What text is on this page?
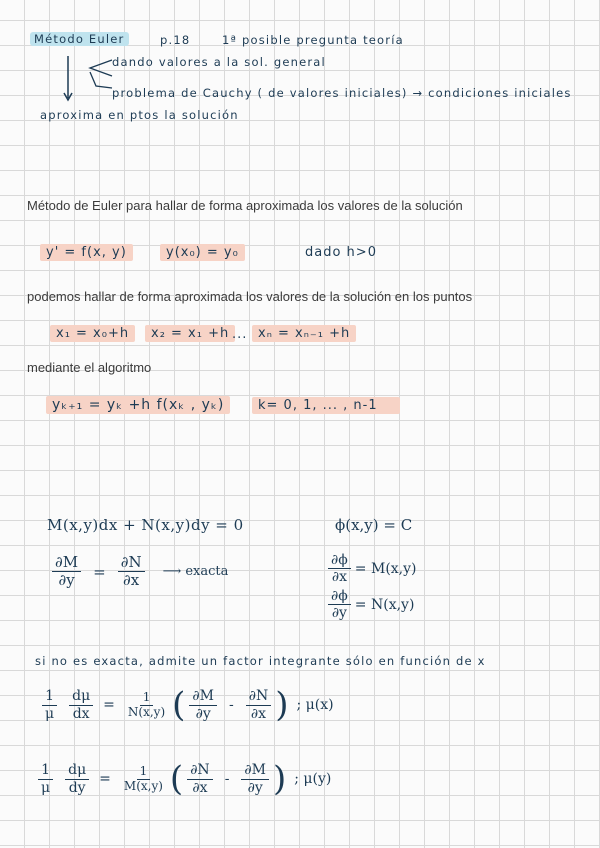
Método Euler	p.18	1ª posible pregunta teoría
dando valores a la sol. general
problema de Cauchy ( de valores iniciales) → condiciones iniciales
aproxima en ptos la solución
Método de Euler para hallar de forma aproximada los valores de la solución
y' = f(x, y)	y(x₀) = y₀	dado h>0
podemos hallar de forma aproximada los valores de la solución en los puntos
x₁ = x₀+h	x₂ = x₁ +h ... xₙ = xₙ₋₁ +h
mediante el algoritmo
yₖ₊₁ = yₖ +h f(xₖ , yₖ)	k= 0, 1, ... , n-1
M(x,y)dx + N(x,y)dy = 0	ϕ(x,y) = C
$\frac{\partial M}{\partial y} = \frac{\partial N}{\partial x}$	⟶ exacta	$\frac{\partial\phi}{\partial x} = M(x,y)$
$\frac{\partial\phi}{\partial y} = N(x,y)$
si no es exacta, admite un factor integrante sólo en función de x
$\frac{1}{\mu} \frac{d\mu}{dx} = \frac{1}{N(x,y)}$ ( $\frac{\partial M}{\partial y} - \frac{\partial N}{\partial x}$ ) ; μ(x)
$\frac{1}{\mu} \frac{d\mu}{dy} = \frac{1}{M(x,y)}$ ( $\frac{\partial N}{\partial x} - \frac{\partial M}{\partial y}$ ) ; μ(y)
